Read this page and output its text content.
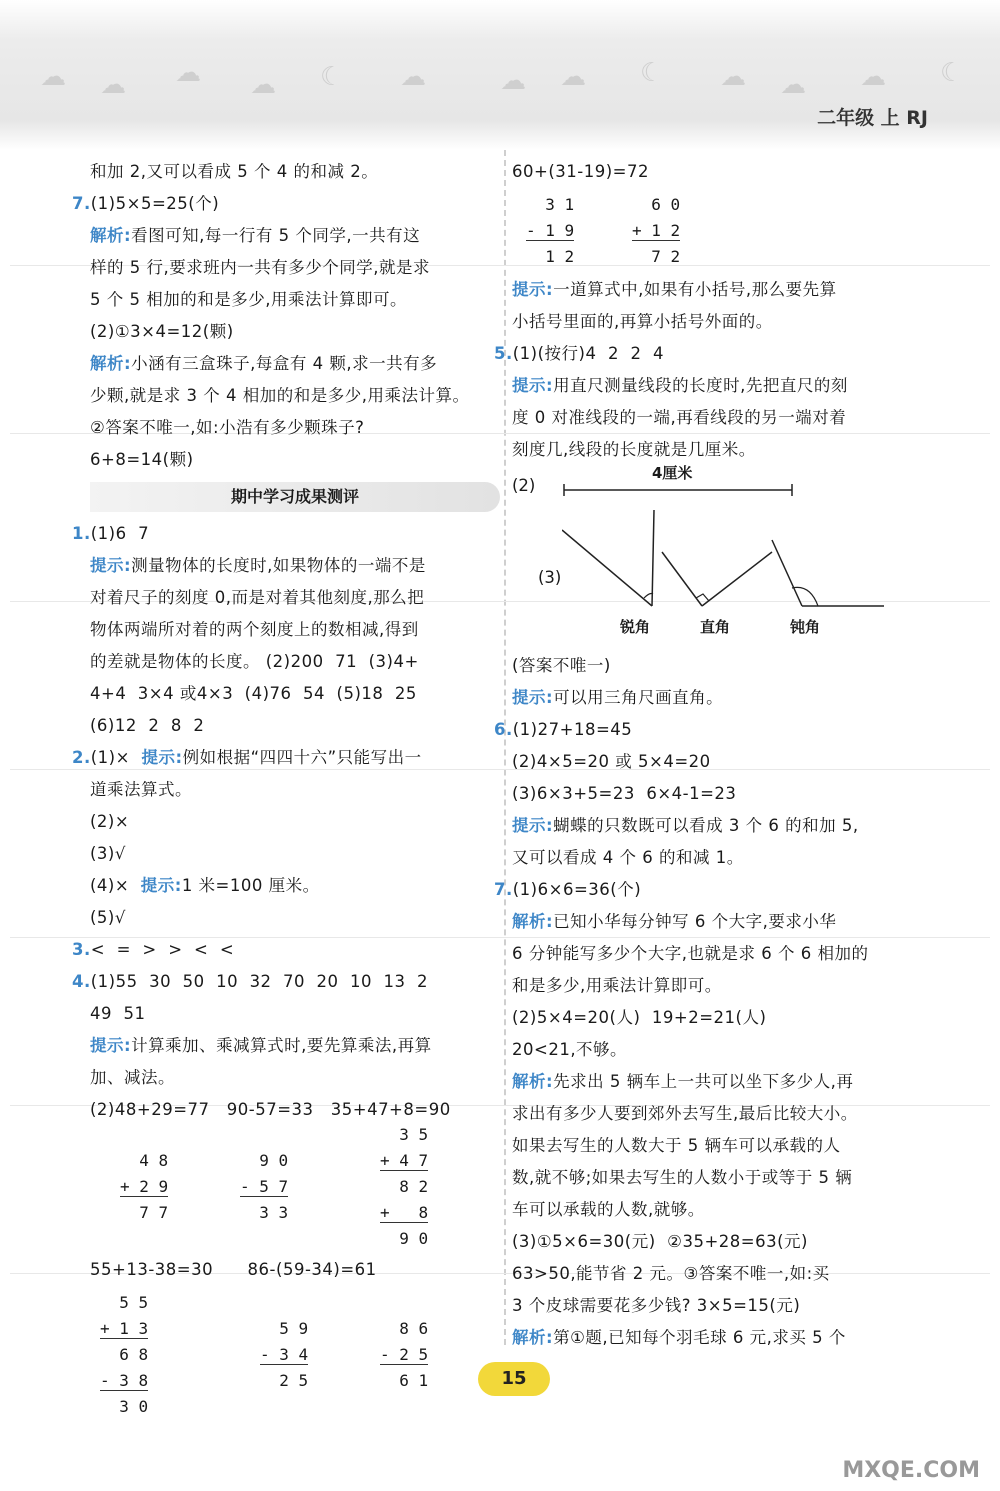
☁ ☁ ☁ ☁ ☾ ☁	☁ ☁ ☾ ☁ ☁ ☁ ☾
二年级 上 RJ
和加 2,又可以看成 5 个 4 的和减 2。
7.(1)5×5=25(个)
解析:看图可知,每一行有 5 个同学,一共有这
样的 5 行,要求班内一共有多少个同学,就是求
5 个 5 相加的和是多少,用乘法计算即可。
(2)①3×4=12(颗)
解析:小涵有三盒珠子,每盒有 4 颗,求一共有多
少颗,就是求 3 个 4 相加的和是多少,用乘法计算。
②答案不唯一,如:小浩有多少颗珠子?
6+8=14(颗)
期中学习成果测评
1.(1)6  7
提示:测量物体的长度时,如果物体的一端不是
对着尺子的刻度 0,而是对着其他刻度,那么把
物体两端所对着的两个刻度上的数相减,得到
的差就是物体的长度。 (2)200  71  (3)4+
4+4  3×4 或4×3  (4)76  54  (5)18  25
(6)12  2  8  2
2.(1)× 提示:例如根据“四四十六”只能写出一
道乘法算式。
(2)×
(3)√
(4)× 提示:1 米=100 厘米。
(5)√
3.<  =  >  >  <  <
4.(1)55  30  50  10  32  70  20  10  13  2
49  51
提示:计算乘加、乘减算式时,要先算乘法,再算
加、减法。
(2)48+29=77   90-57=33   35+47+8=90
4 8
+ 2 9
7 7
9 0
- 5 7
3 3
3 5
+ 4 7
8 2
+   8
9 0
55+13-38=30      86-(59-34)=61
5 5
+ 1 3
6 8
- 3 8
3 0
5 9
- 3 4
2 5
8 6
- 2 5
6 1
60+(31-19)=72
3 1
- 1 9
1 2
6 0
+ 1 2
7 2
提示:一道算式中,如果有小括号,那么要先算
小括号里面的,再算小括号外面的。
5.(1)(按行)4  2  2  4
提示:用直尺测量线段的长度时,先把直尺的刻
度 0 对准线段的一端,再看线段的另一端对着
刻度几,线段的长度就是几厘米。
(2)
4厘米
(3)
锐角	直角	钝角
(答案不唯一)
提示:可以用三角尺画直角。
6.(1)27+18=45
(2)4×5=20 或 5×4=20
(3)6×3+5=23  6×4-1=23
提示:蝴蝶的只数既可以看成 3 个 6 的和加 5,
又可以看成 4 个 6 的和减 1。
7.(1)6×6=36(个)
解析:已知小华每分钟写 6 个大字,要求小华
6 分钟能写多少个大字,也就是求 6 个 6 相加的
和是多少,用乘法计算即可。
(2)5×4=20(人)  19+2=21(人)
20<21,不够。
解析:先求出 5 辆车上一共可以坐下多少人,再
求出有多少人要到郊外去写生,最后比较大小。
如果去写生的人数大于 5 辆车可以承载的人
数,就不够;如果去写生的人数小于或等于 5 辆
车可以承载的人数,就够。
(3)①5×6=30(元)  ②35+28=63(元)
63>50,能节省 2 元。③答案不唯一,如:买
3 个皮球需要花多少钱? 3×5=15(元)
解析:第①题,已知每个羽毛球 6 元,求买 5 个
15
MXQE.COM
